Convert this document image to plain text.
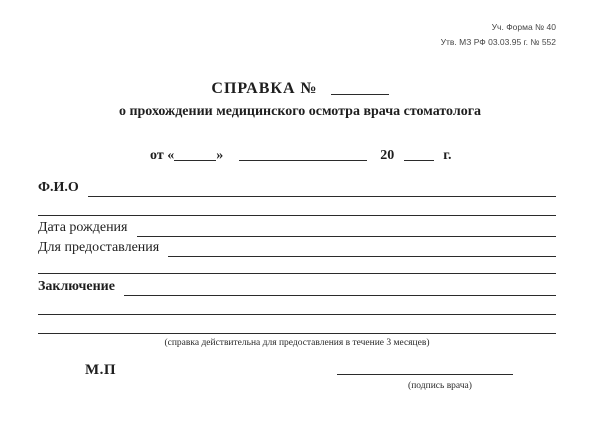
Уч. Форма № 40
Утв. МЗ РФ 03.03.95 г. № 552
СПРАВКА №
о прохождении медицинского осмотра врача стоматолога
от «	»	20	г.
Ф.И.О
Дата рождения
Для предоставления
Заключение
(справка действительна для предоставления в течение 3 месяцев)
М.П
(подпись врача)
